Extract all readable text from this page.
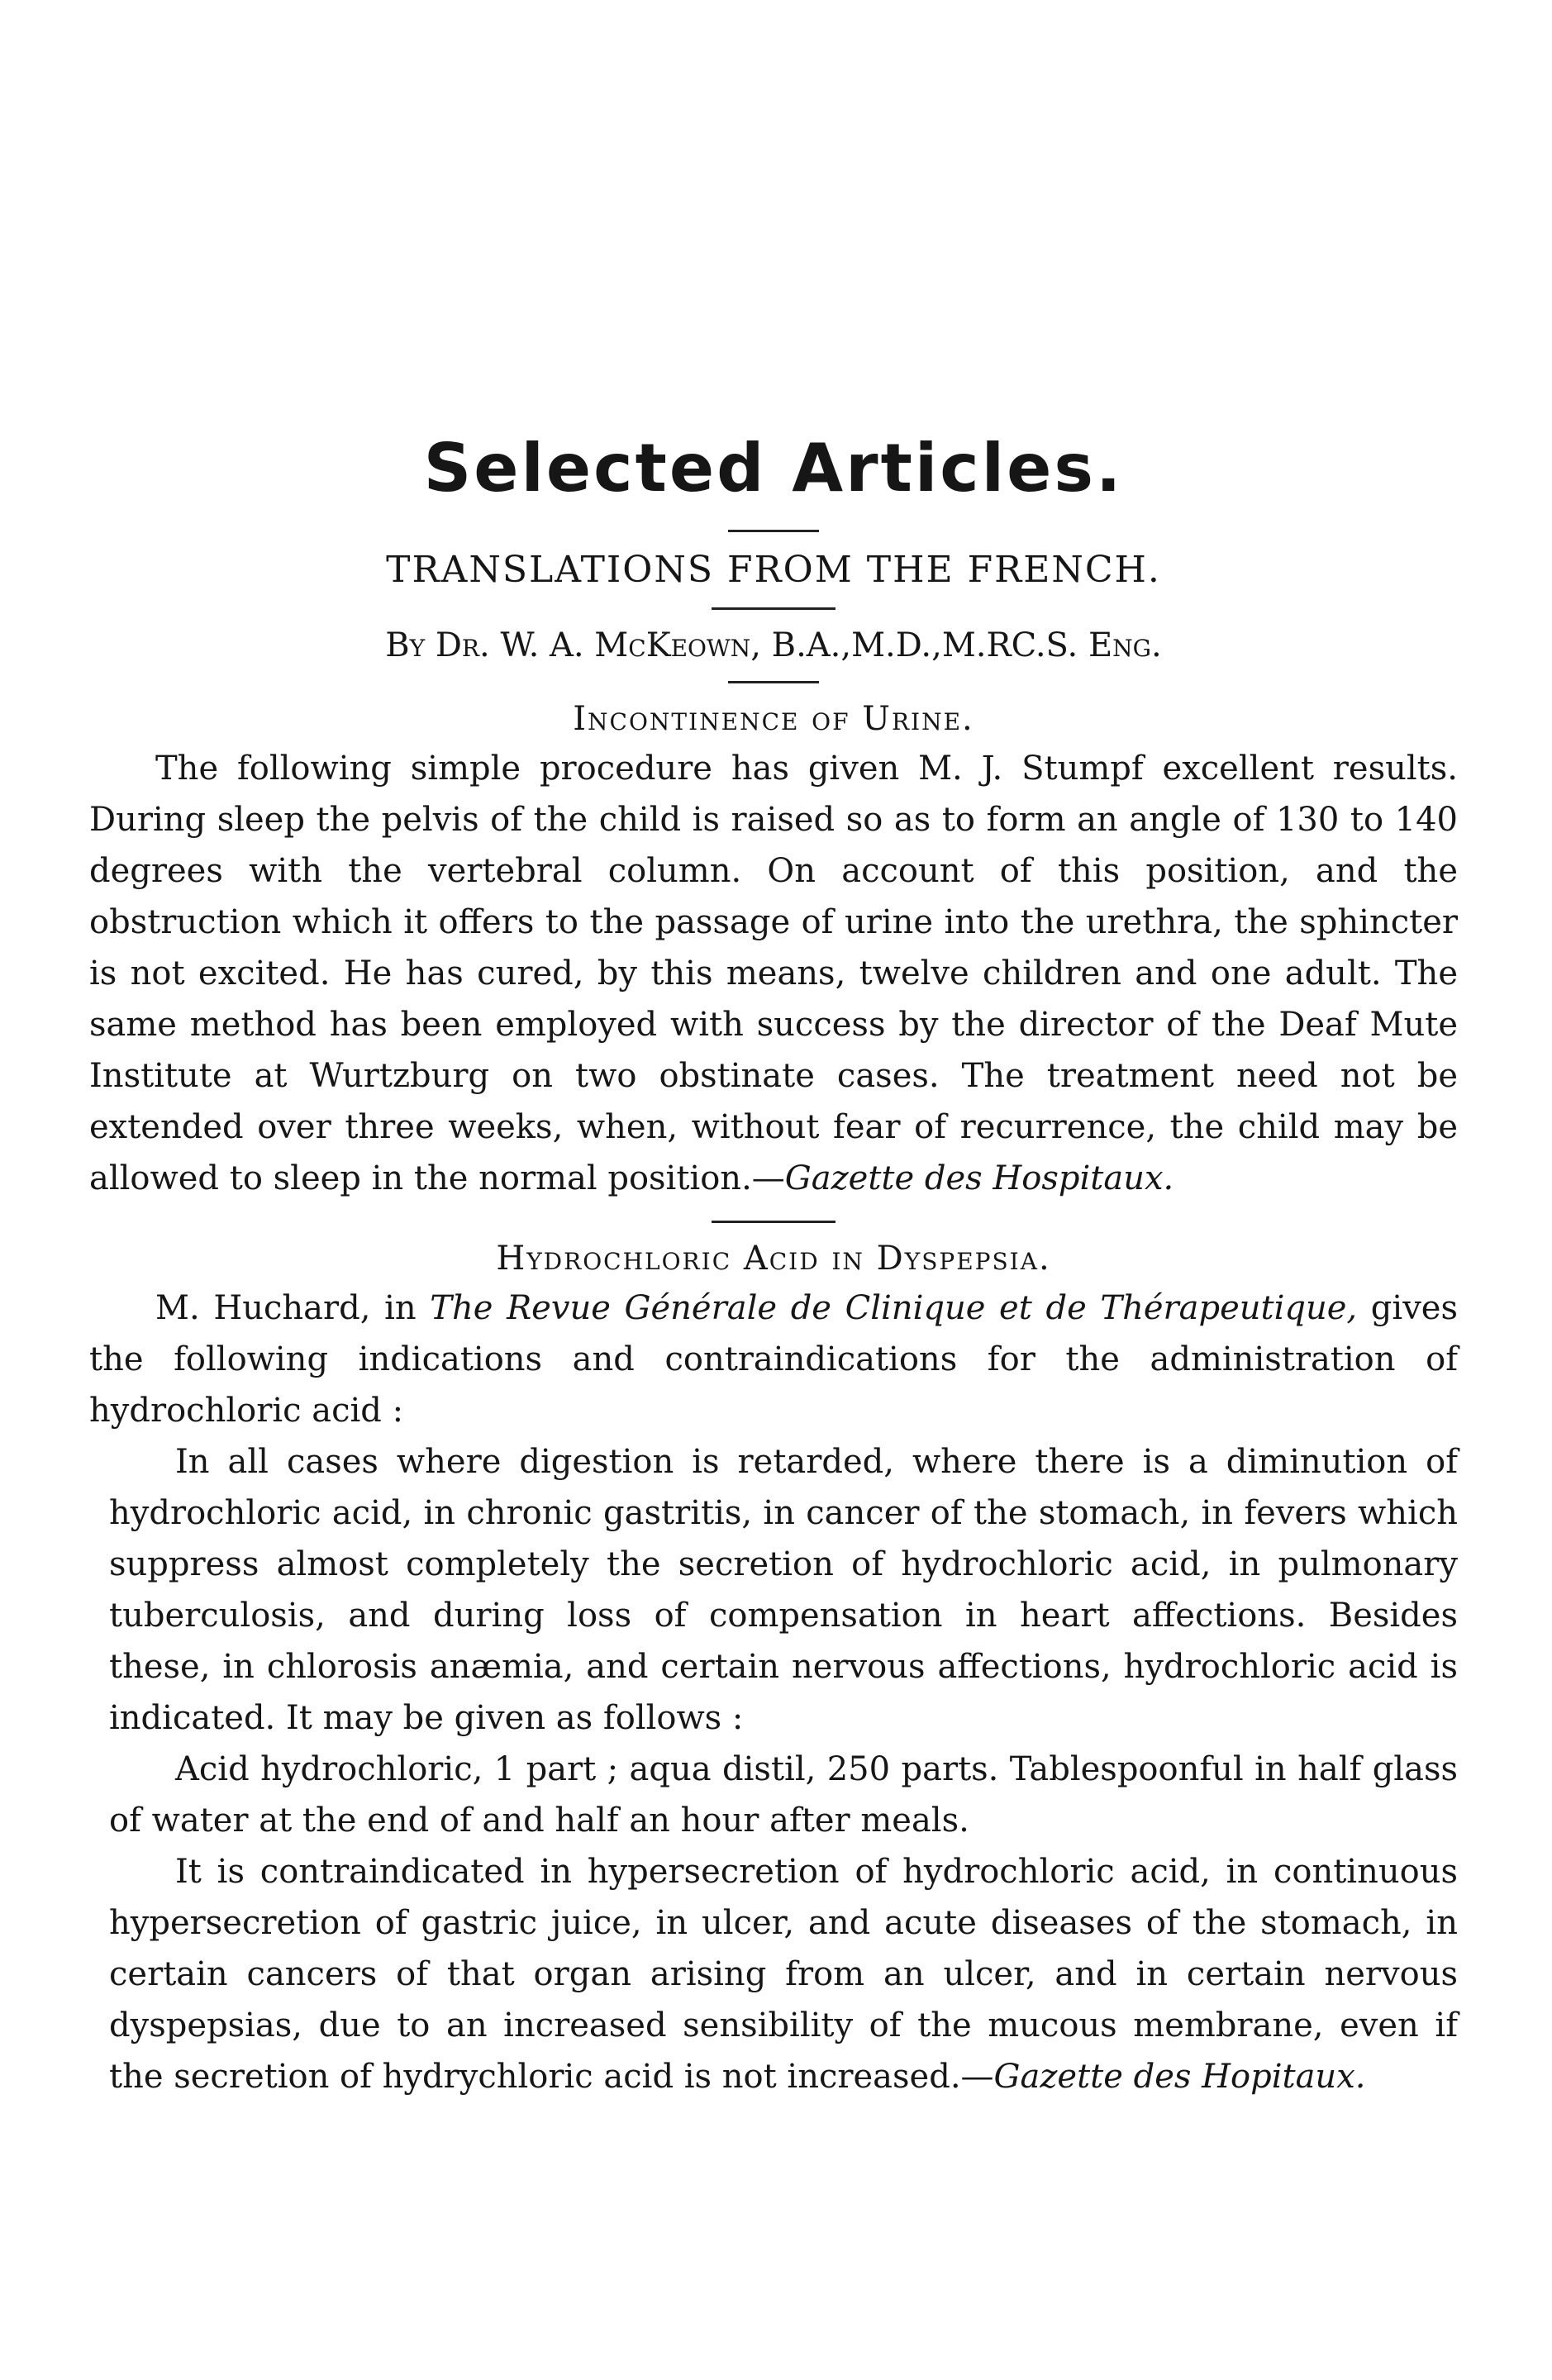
Selected Articles.
TRANSLATIONS FROM THE FRENCH.
By Dr. W. A. McKeown, B.A.,M.D.,M.RC.S. Eng.
Incontinence of Urine.

The following simple procedure has given M. J. Stumpf excellent results. During sleep the pelvis of the child is raised so as to form an angle of 130 to 140 degrees with the vertebral column. On account of this position, and the obstruction which it offers to the passage of urine into the urethra, the sphincter is not excited. He has cured, by this means, twelve children and one adult. The same method has been employed with success by the director of the Deaf Mute Institute at Wurtzburg on two obstinate cases. The treatment need not be extended over three weeks, when, without fear of recurrence, the child may be allowed to sleep in the normal position.—Gazette des Hospitaux.

Hydrochloric Acid in Dyspepsia.

M. Huchard, in The Revue Générale de Clinique et de Thérapeutique, gives the following indications and contraindications for the administration of hydrochloric acid :

In all cases where digestion is retarded, where there is a diminution of hydrochloric acid, in chronic gastritis, in cancer of the stomach, in fevers which suppress almost completely the secretion of hydrochloric acid, in pulmonary tuberculosis, and during loss of compensation in heart affections. Besides these, in chlorosis anæmia, and certain nervous affections, hydrochloric acid is indicated. It may be given as follows :

Acid hydrochloric, 1 part ; aqua distil, 250 parts. Tablespoonful in half glass of water at the end of and half an hour after meals.

It is contraindicated in hypersecretion of hydrochloric acid, in continuous hypersecretion of gastric juice, in ulcer, and acute diseases of the stomach, in certain cancers of that organ arising from an ulcer, and in certain nervous dyspepsias, due to an increased sensibility of the mucous membrane, even if the secretion of hydrychloric acid is not increased.—Gazette des Hopitaux.
